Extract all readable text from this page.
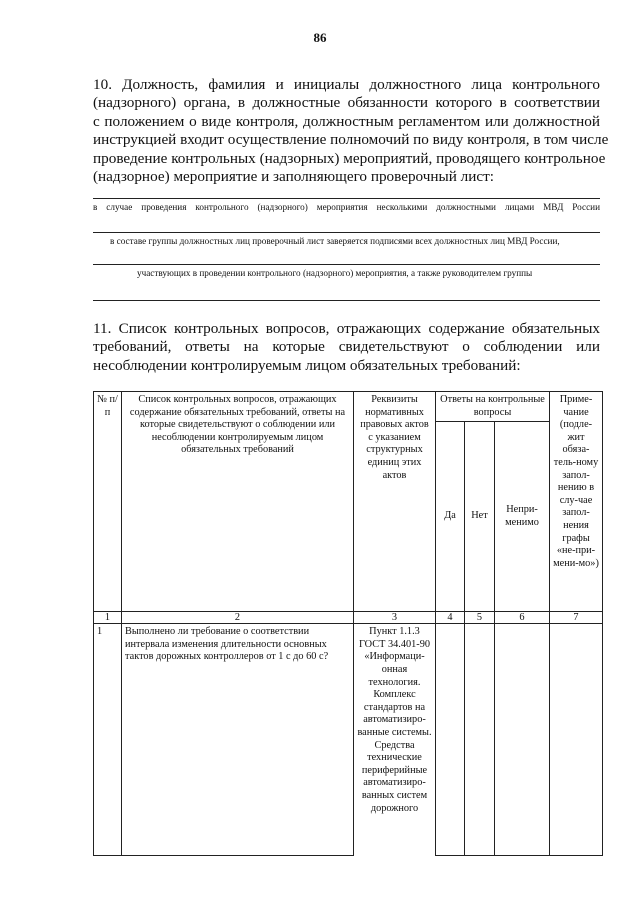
86
10. Должность, фамилия и инициалы должностного лица контрольного
(надзорного) органа, в должностные обязанности которого в соответствии
с положением о виде контроля, должностным регламентом или должностной
инструкцией входит осуществление полномочий по виду контроля, в том числе
проведение контрольных (надзорных) мероприятий, проводящего контрольное
(надзорное) мероприятие и заполняющего проверочный лист:
в случае проведения контрольного (надзорного) мероприятия несколькими должностными лицами МВД России
в составе группы должностных лиц проверочный лист заверяется подписями всех должностных лиц МВД России,
участвующих в проведении контрольного (надзорного) мероприятия, а также руководителем группы
11. Список контрольных вопросов, отражающих содержание обязательных
требований, ответы на которые свидетельствуют о соблюдении или
несоблюдении контролируемым лицом обязательных требований:
№ п/п	Список контрольных вопросов, отражающих содержание обязательных требований, ответы на которые свидетельствуют о соблюдении или несоблюдении контролируемым лицом обязательных требований	Реквизиты нормативных правовых актов с указанием структурных единиц этих актов	Ответы на контрольные вопросы			Приме-чание (подле-жит обяза-тель-ному запол-нению в слу-чае запол-нения графы «не-при-мени-мо»)
			Да	Нет	Непри-менимо	
1	2	3	4	5	6	7
1	Выполнено ли требование о соответствии интервала изменения длительности основных тактов дорожных контроллеров от 1 с до 60 с?	Пункт 1.1.3 ГОСТ 34.401-90 «Информаци-онная технология. Комплекс стандартов на автоматизиро-ванные системы. Средства технические периферийные автоматизиро-ванных систем дорожного				
